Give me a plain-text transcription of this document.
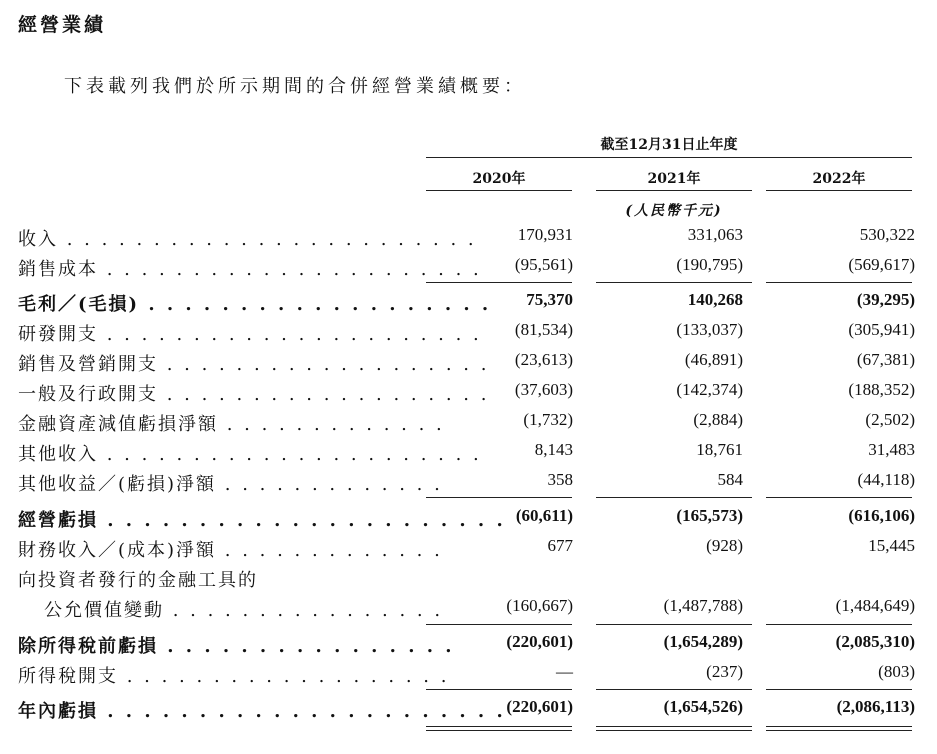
經營業績
下表載列我們於所示期間的合併經營業績概要：
截至12月31日止年度
2020年	2021年	2022年
(人民幣千元)
收入 . . . . . . . . . . . . . . . . . . . . . . . . 170,931	331,063	530,322
銷售成本 . . . . . . . . . . . . . . . . . . . . . . (95,561)	(190,795)	(569,617)
毛利／(毛損) . . . . . . . . . . . . . . . . . . . 75,370	140,268	(39,295)
研發開支 . . . . . . . . . . . . . . . . . . . . . . (81,534)	(133,037)	(305,941)
銷售及營銷開支 . . . . . . . . . . . . . . . . . . . (23,613)	(46,891)	(67,381)
一般及行政開支 . . . . . . . . . . . . . . . . . . . (37,603)	(142,374)	(188,352)
金融資產減值虧損淨額 . . . . . . . . . . . . .	(1,732)	(2,884)	(2,502)
其他收入 . . . . . . . . . . . . . . . . . . . . . .	8,143	18,761	31,483
其他收益／(虧損)淨額 . . . . . . . . . . . . .	358	584	(44,118)
經營虧損 . . . . . . . . . . . . . . . . . . . . . . (60,611)	(165,573)	(616,106)
財務收入／(成本)淨額 . . . . . . . . . . . . .	677	(928)	15,445
向投資者發行的金融工具的
公允價值變動 . . . . . . . . . . . . . . . .	(160,667)	(1,487,788)	(1,484,649)
除所得稅前虧損 . . . . . . . . . . . . . . . .	(220,601)	(1,654,289)	(2,085,310)
所得稅開支 . . . . . . . . . . . . . . . . . . .	—	(237)	(803)
年內虧損 . . . . . . . . . . . . . . . . . . . . . . (220,601)	(1,654,526)	(2,086,113)
